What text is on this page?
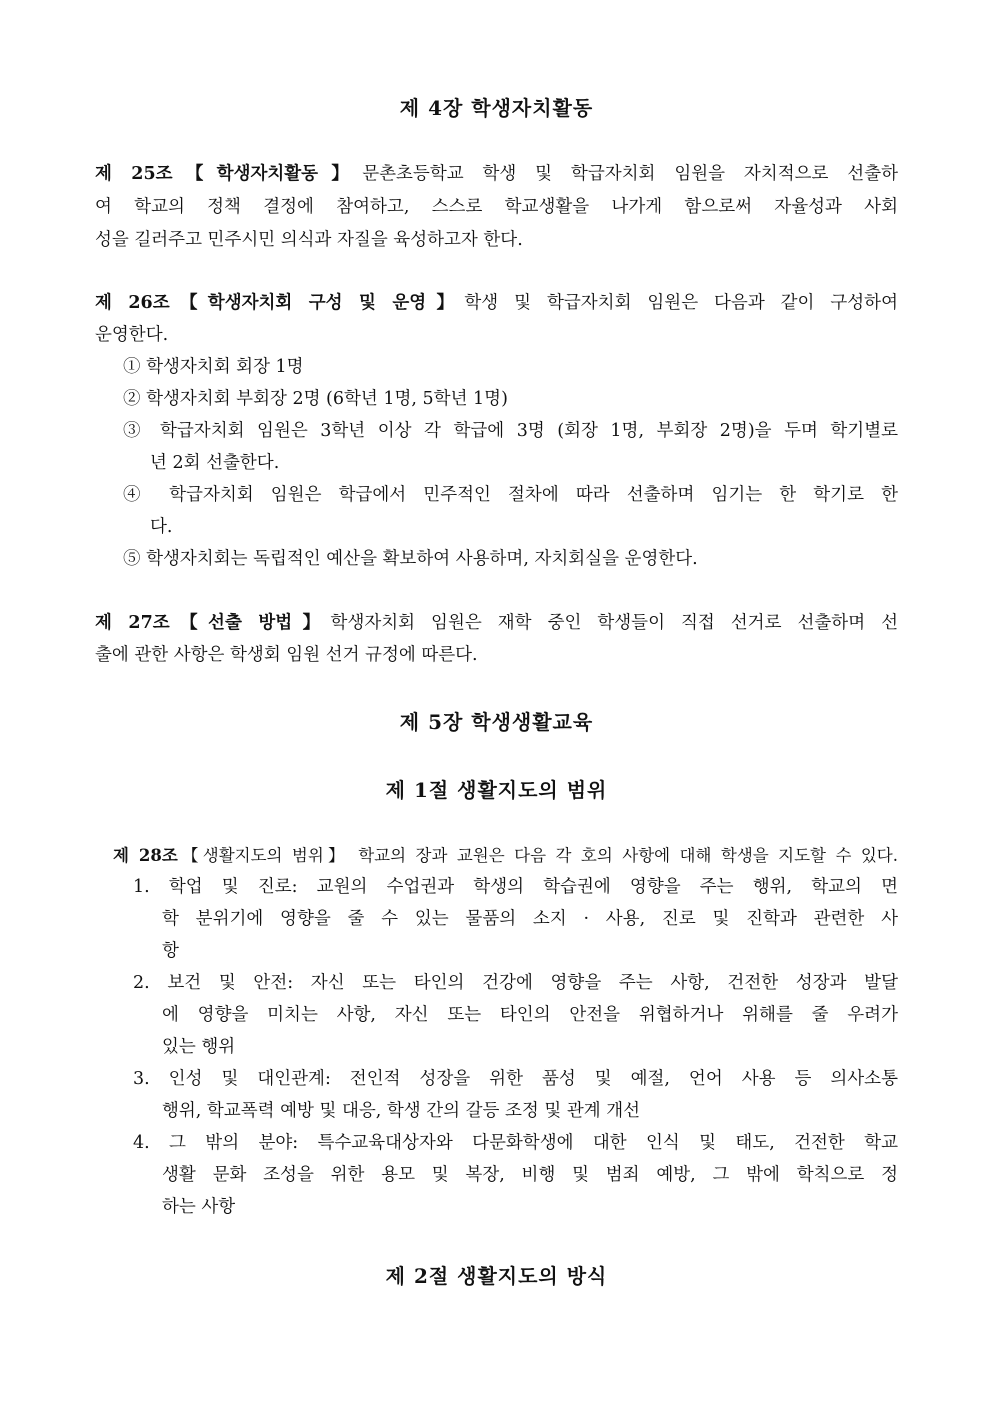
제 4장 학생자치활동
제 25조【학생자치활동】문촌초등학교 학생 및 학급자치회 임원을 자치적으로 선출하
여 학교의 정책 결정에 참여하고, 스스로 학교생활을 나가게 함으로써 자율성과 사회
성을 길러주고 민주시민 의식과 자질을 육성하고자 한다.
제 26조【학생자치회 구성 및 운영】학생 및 학급자치회 임원은 다음과 같이 구성하여
운영한다.
① 학생자치회 회장 1명
② 학생자치회 부회장 2명 (6학년 1명, 5학년 1명)
③ 학급자치회 임원은 3학년 이상 각 학급에 3명 (회장 1명, 부회장 2명)을 두며 학기별로
년 2회 선출한다.
④ 학급자치회 임원은 학급에서 민주적인 절차에 따라 선출하며 임기는 한 학기로 한
다.
⑤ 학생자치회는 독립적인 예산을 확보하여 사용하며, 자치회실을 운영한다.
제 27조【선출 방법】학생자치회 임원은 재학 중인 학생들이 직접 선거로 선출하며 선
출에 관한 사항은 학생회 임원 선거 규정에 따른다.
제 5장 학생생활교육
제 1절 생활지도의 범위
제 28조【생활지도의 범위】 학교의 장과 교원은 다음 각 호의 사항에 대해 학생을 지도할 수 있다.
1. 학업 및 진로: 교원의 수업권과 학생의 학습권에 영향을 주는 행위, 학교의 면
학 분위기에 영향을 줄 수 있는 물품의 소지 · 사용, 진로 및 진학과 관련한 사
항
2. 보건 및 안전: 자신 또는 타인의 건강에 영향을 주는 사항, 건전한 성장과 발달
에 영향을 미치는 사항, 자신 또는 타인의 안전을 위협하거나 위해를 줄 우려가
있는 행위
3. 인성 및 대인관계: 전인적 성장을 위한 품성 및 예절, 언어 사용 등 의사소통
행위, 학교폭력 예방 및 대응, 학생 간의 갈등 조정 및 관계 개선
4. 그 밖의 분야: 특수교육대상자와 다문화학생에 대한 인식 및 태도, 건전한 학교
생활 문화 조성을 위한 용모 및 복장, 비행 및 범죄 예방, 그 밖에 학칙으로 정
하는 사항
제 2절 생활지도의 방식
